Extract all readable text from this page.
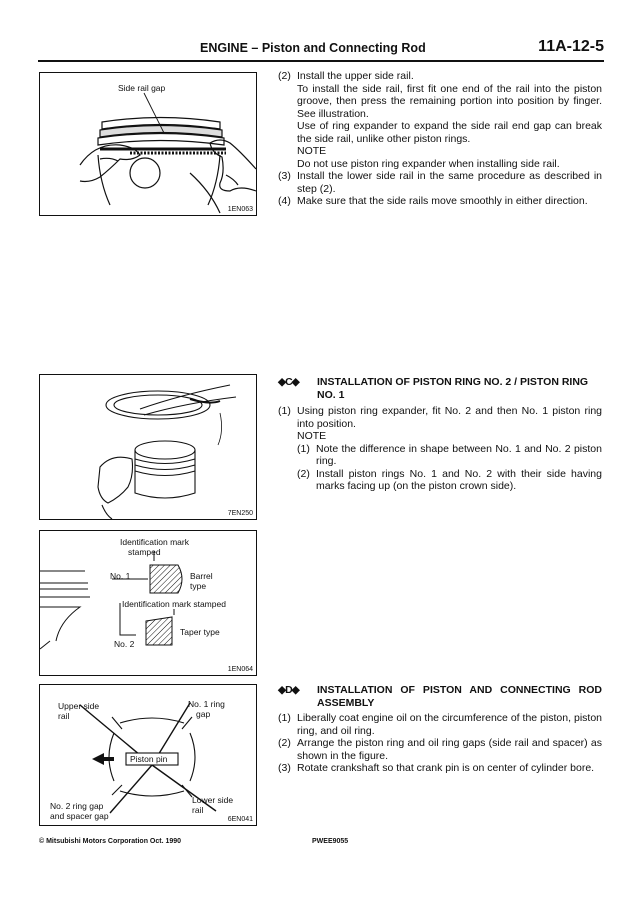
ENGINE – Piston and Connecting Rod	11A-12-5
Side rail gap
1EN063
(2) Install the upper side rail.

To install the side rail, first fit one end of the rail into the piston groove, then press the remaining portion into position by finger. See illustration.

Use of ring expander to expand the side rail end gap can break the side rail, unlike other piston rings.

NOTE

Do not use piston ring expander when installing side rail.

(3) Install the lower side rail in the same procedure as described in step (2).

(4) Make sure that the side rails move smoothly in either direction.

7EN250
◆C◆	INSTALLATION OF PISTON RING NO. 2 / PISTON RING NO. 1
(1) Using piston ring expander, fit No. 2 and then No. 1 piston ring into position.

NOTE

(1) Note the difference in shape between No. 1 and No. 2 piston ring.

(2) Install piston rings No. 1 and No. 2 with their side having marks facing up (on the piston crown side).

Identification mark
stamped
No. 1	Barrel
type
Identification mark stamped
Taper type
No. 2
1EN064
◆D◆	INSTALLATION OF PISTON AND CONNECTING ROD ASSEMBLY
(1) Liberally coat engine oil on the circumference of the piston, piston ring, and oil ring.

(2) Arrange the piston ring and oil ring gaps (side rail and spacer) as shown in the figure.

(3) Rotate crankshaft so that crank pin is on center of cylinder bore.

Upper side
rail
No. 1 ring
gap
Piston pin
Lower side
rail
No. 2 ring gap
and spacer gap	6EN041
© Mitsubishi Motors Corporation Oct. 1990	PWEE9055
